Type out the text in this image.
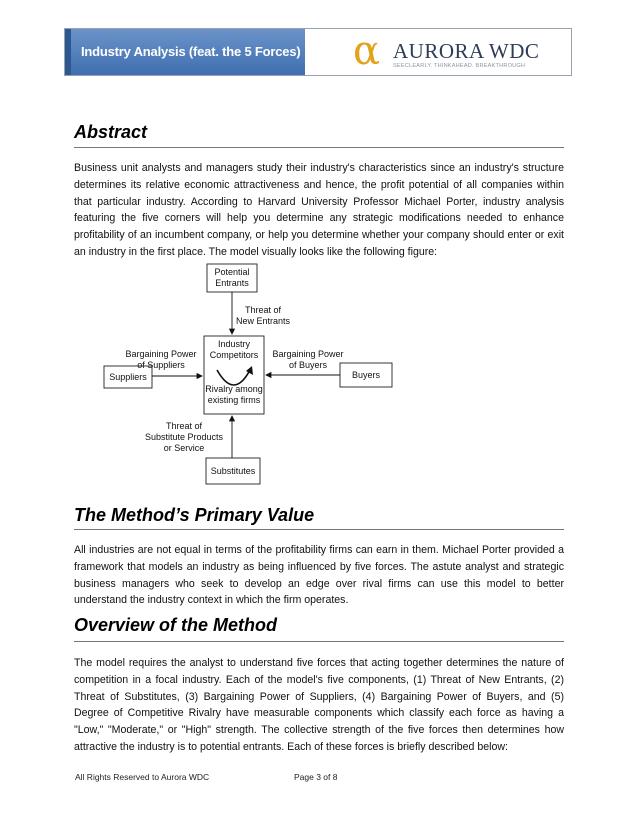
Industry Analysis (feat. the 5 Forces) α AURORA WDC
SEECLEARLY. THINKAHEAD. BREAKTHROUGH
Abstract

Business unit analysts and managers study their industry's characteristics since an industry's structure determines its relative economic attractiveness and hence, the profit potential of all companies within that particular industry. According to Harvard University Professor Michael Porter, industry analysis featuring the five corners will help you determine any strategic modifications needed to enhance profitability of an incumbent company, or help you determine whether your company should enter or exit an industry in the first place. The model visually looks like the following figure:

Potential
Entrants
Threat of
New Entrants
Industry
Competitors
Rivalry among
existing firms
Bargaining Power
of Suppliers
Bargaining Power
of Buyers
Suppliers	Buyers
Threat of
Substitute Products
or Service
Substitutes
The Method’s Primary Value

All industries are not equal in terms of the profitability firms can earn in them. Michael Porter provided a framework that models an industry as being influenced by five forces. The astute analyst and strategic business managers who seek to develop an edge over rival firms can use this model to better understand the industry context in which the firm operates.

Overview of the Method

The model requires the analyst to understand five forces that acting together determines the nature of competition in a focal industry. Each of the model's five components, (1) Threat of New Entrants, (2) Threat of Substitutes, (3) Bargaining Power of Suppliers, (4) Bargaining Power of Buyers, and (5) Degree of Competitive Rivalry have measurable components which classify each force as having a "Low," "Moderate," or "High" strength. The collective strength of the five forces then determines how attractive the industry is to potential entrants. Each of these forces is briefly described below:

All Rights Reserved to Aurora WDC	Page 3 of 8
